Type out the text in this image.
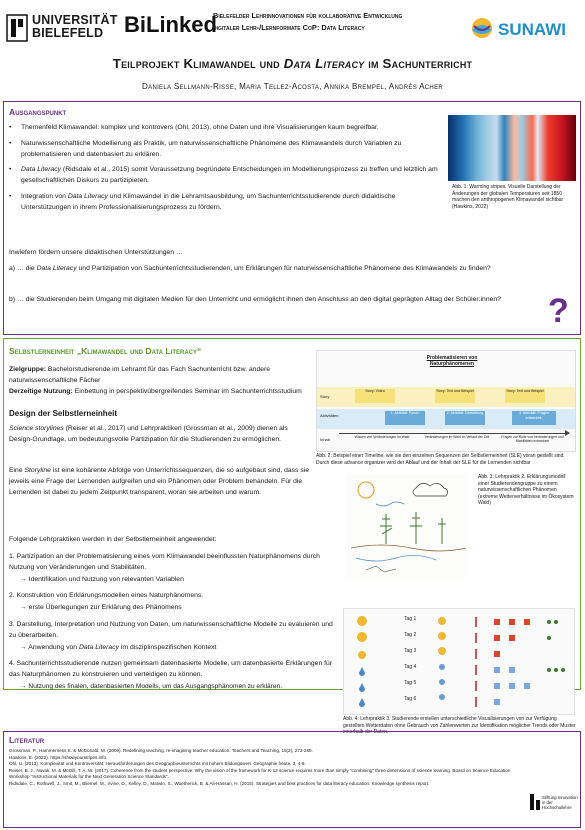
UNIVERSITÄT
BIELEFELD BiLinked
Bielefelder Lehrinnovationen für kollaborative Entwicklung
digitaler Lehr-/Lernformate CoP: Data Literacy	SUNAWI
Teilprojekt Klimawandel und Data Literacy im Sachunterricht
Daniela Sellmann-Risse, Maria Tellez-Acosta, Annika Brempel, Andrés Acher
Ausgangspunkt
• Themenfeld Klimawandel: komplex und kontrovers (Ohl, 2013), ohne Daten und ihre Visualisierungen kaum begreifbar.
• Naturwissenschaftliche Modellierung als Praktik, um naturwissenschaftliche Phänomene des Klimawandels durch Variablen zu problematisieren und datenbasiert zu erklären.
• Data Literacy (Ridsdale et al., 2015) somit Voraussetzung begründete Entscheidungen im Modellierungsprozess zu treffen und letztlich am gesellschaftlichen Diskurs zu partizipieren.
• Integration von Data Literacy und Klimawandel in die Lehramtsausbildung, um Sachunterrichtsstudierende durch didaktische Unterstützungen in ihrem Professionalisierungsprozess zu fördern.
Global temperature change (1850-2022)
Abb. 1: Warming stripes. Visuelle Darstellung der Änderungen der globalen Temperaturen seit 1850 machen den anthropogenen Klimawandel sichtbar (Hawkins, 2022)
Inwiefern fördern unsere didaktischen Unterstützungen …
a) … die Data Literacy und Partizipation von Sachunterrichtsstudierenden, um Erklärungen für naturwissenschaftliche Phänomene des Klimawandels zu finden?
b) … die Studierenden beim Umgang mit digitalen Medien für den Unterricht und ermöglicht ihnen den Anschluss an den digital geprägten Alltag der Schüler:innen?	?
Selbstlerneinheit „Klimawandel und Data Literacy“
Zielgruppe: Bachelorstudierende im Lehramt für das Fach Sachunterricht bzw. andere naturwissenschaftliche Fächer
Derzeitige Nutzung: Einbettung in perspektivübergreifendes Seminar im Sachunterrichtsstudium
Design der Selbstlerneinheit
Science storylines (Reiser et al., 2017) und Lehrpraktiken (Grossman et al., 2009) dienen als Design-Grundlage, um bedeutungsvolle Partizipation für die Studierenden zu ermöglichen.
Eine Storyline ist eine kohärente Abfolge von Unterrichtssequenzen, die so aufgebaut sind, dass sie jeweils eine Frage der Lernenden aufgreifen und ein Phänomen oder Problem behandeln. Für die Lernenden ist dabei zu jedem Zeitpunkt transparent, woran sie arbeiten und warum.
Folgende Lehrpraktiken werden in der Selbstlerneinheit angewendet:
1. Partizipation an der Problematisierung eines vom Klimawandel beeinflussten Naturphänomens durch Nutzung von Veränderungen und Stabilitäten.
→ Identifikation und Nutzung von relevanten Variablen
2. Konstruktion von Erklärungsmodellen eines Naturphänomens.
→ erste Überlegungen zur Erklärung des Phänomens
3. Darstellung, Interpretation und Nutzung von Daten, um naturwissenschaftliche Modelle zu evaluieren und zu überarbeiten.
→ Anwendung von Data Literacy im disziplinspezifischen Kontext
4. Sachunterrichtsstudierende nutzen gemeinsam datenbasierte Modelle, um datenbasierte Erklärungen für das Naturphänomen zu konstruieren und verteidigen zu können.
→ Nutzung des finalen, datenbasierten Modells, um das Ausgangsphänomen zu erklären.
Problematisieren von Naturphänomenen
Story
Aktivitäten
Inhalt
Story: Video	Story: Text und Beispiel	Story: Text und Beispiel
1. Aktivität: Forum	2. Aktivität: Darstellung	3. Aktivität: Fragen entwickeln
Wissen von Veränderungen im Wald	Veränderungen im Wald im Verlauf der Zeit	Fragen zur Rolle von Veränderungen und Stabilitäten entwickeln
Abb. 2: Beispiel einer Timeline, wie sie den einzelnen Sequenzen der Selbstlerneinheit (SLE) voran gestellt sind. Durch diese advance organizer wird der Ablauf und der Inhalt der SLE für die Lernenden sichtbar
Abb. 3: Lehrpraktik 2. Erklärungsmodell einer Studierendengruppe zu einem naturwissenschaftlichen Phänomen (extreme Wetterverhältnisse im Ökosystem Wald)
Tag 1
Tag 2
Tag 3
Tag 4
Tag 5
Tag 6
Abb. 4: Lehrpraktik 3. Studierende erstellen unterschiedliche Visualisierungen von zur Verfügung gestellten Wetterdaten ohne Gebrauch von Zahlenwerten zur Identifikation möglicher Trends oder Muster innerhalb der Daten.
Literatur
Grossman, P., Hammerness,K. & McDonald, M. (2009). Redefining teaching, re-imagining teacher education. Teachers and Teaching, 15(2), 273-289.
Hawkins, E. (2022). https://showyourstripes.info
Ohl, U. (2013). Komplexität und Kontroversität: Herausforderungen des Geographieunterrichts mit hohem Bildungswert. Geographie heute, 3, 4-8.
Reiser, B. J., Novak, M. & McGill, T. A. W. (2017). Coherence from the student perspective: Why the vision of the framework for K-12 science requires more than simply “combining” three dimensions of science learning. Board on Science Education Workshop “Instructional Materials for the Next Generation Science Standards”.
Ridsdale, C., Rothwell, J., Smit, M., Bliemel, M., Irvine, D., Kelley, D., Matwin, S., Wuetherick, B. & Ali-Hassan, H. (2015). Strategies and best practices for data literacy education: Knowledge synthesis report.
Stiftung Innovation in der Hochschullehre
